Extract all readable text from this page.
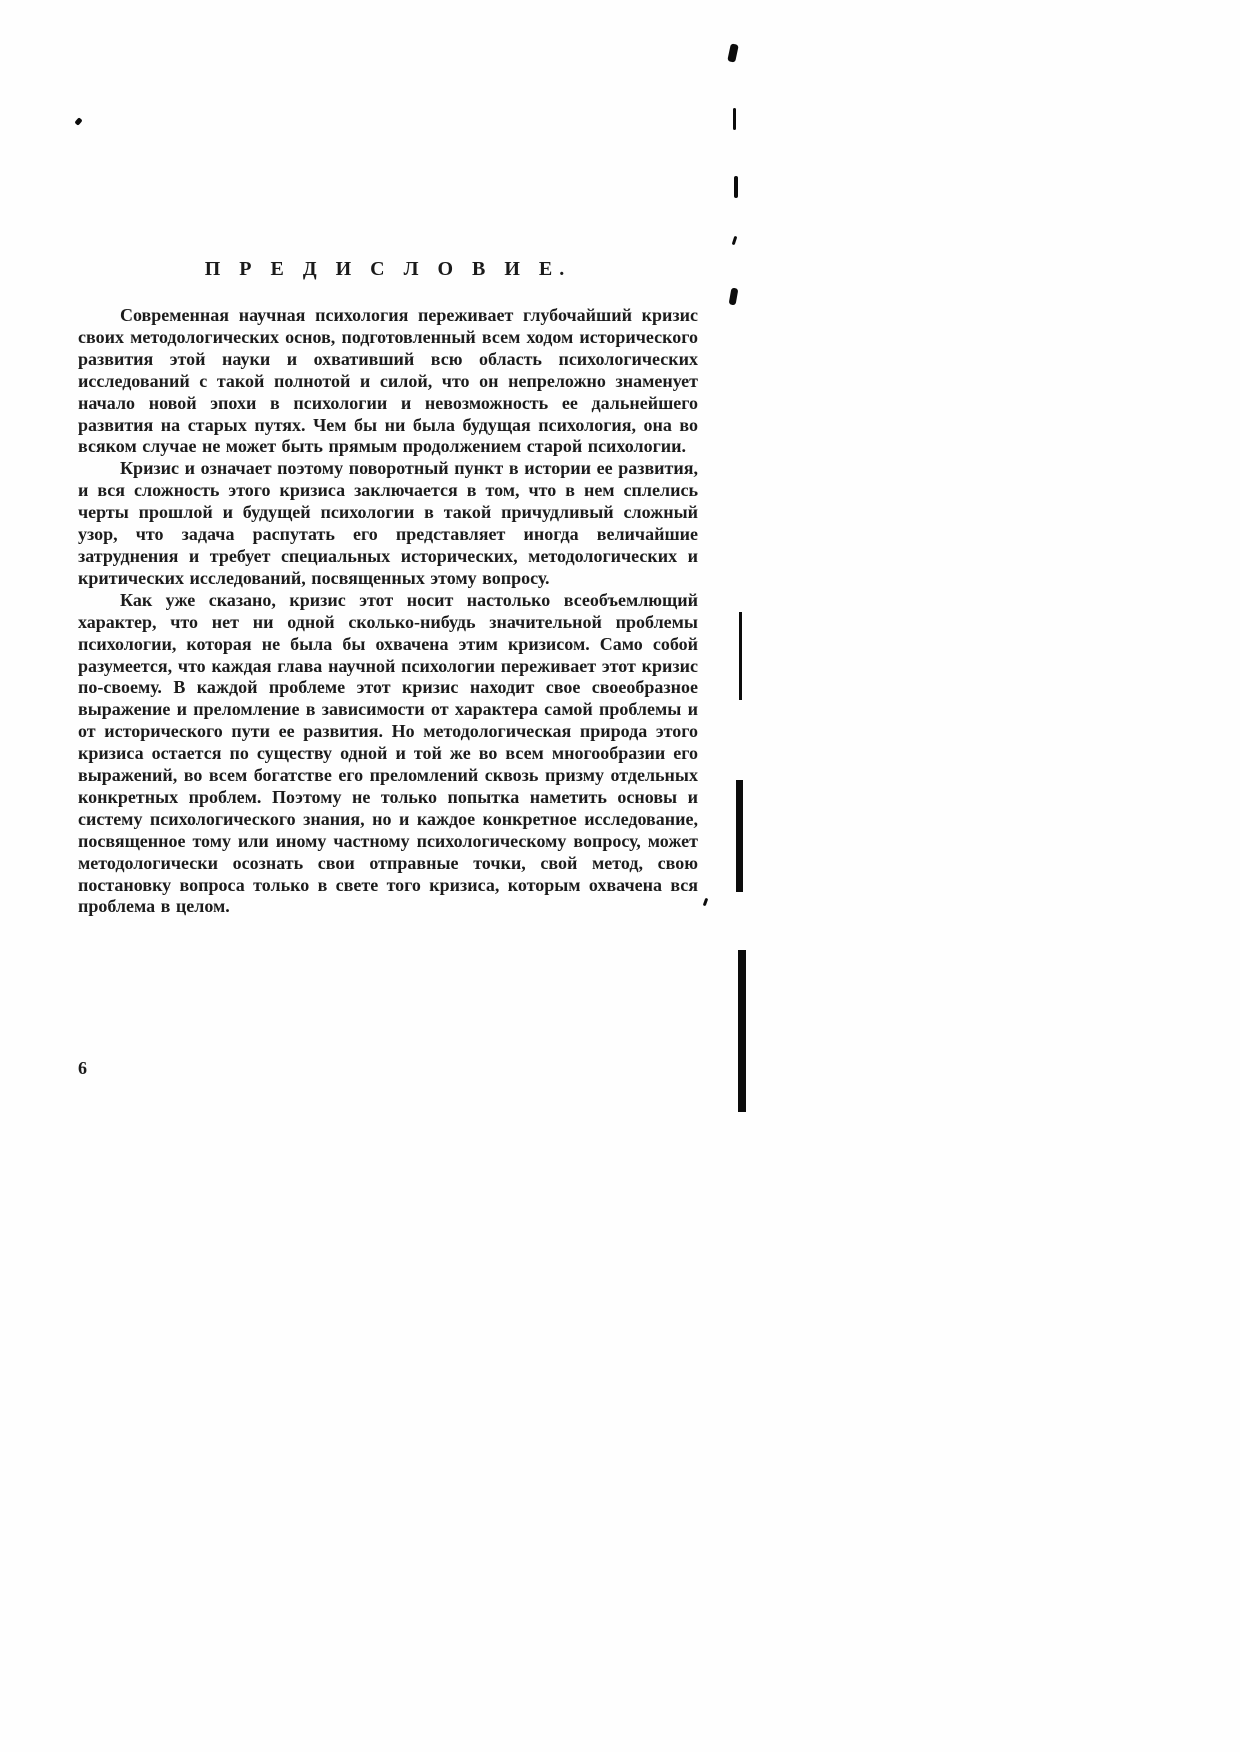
П Р Е Д И С Л О В И Е.

Современная научная психология переживает глубочайший кризис своих методологических основ, подготовленный всем ходом исторического развития этой науки и охвативший всю область психологических исследований с такой полнотой и силой, что он непреложно знаменует начало новой эпохи в психологии и невозможность ее дальнейшего развития на старых путях. Чем бы ни была будущая психология, она во всяком случае не может быть прямым продолжением старой психологии.

Кризис и означает поэтому поворотный пункт в истории ее развития, и вся сложность этого кризиса заключается в том, что в нем сплелись черты прошлой и будущей психологии в такой причудливый сложный узор, что задача распутать его представляет иногда величайшие затруднения и требует специальных исторических, методологических и критических исследований, посвященных этому вопросу.

Как уже сказано, кризис этот носит настолько всеобъемлющий характер, что нет ни одной сколько-нибудь значительной проблемы психологии, которая не была бы охвачена этим кризисом. Само собой разумеется, что каждая глава научной психологии переживает этот кризис по-своему. В каждой проблеме этот кризис находит свое своеобразное выражение и преломление в зависимости от характера самой проблемы и от исторического пути ее развития. Но методологическая природа этого кризиса остается по существу одной и той же во всем многообразии его выражений, во всем богатстве его преломлений сквозь призму отдельных конкретных проблем. Поэтому не только попытка наметить основы и систему психологического знания, но и каждое конкретное исследование, посвященное тому или иному частному психологическому вопросу, может методологически осознать свои отправные точки, свой метод, свою постановку вопроса только в свете того кризиса, которым охвачена вся проблема в целом.

6
